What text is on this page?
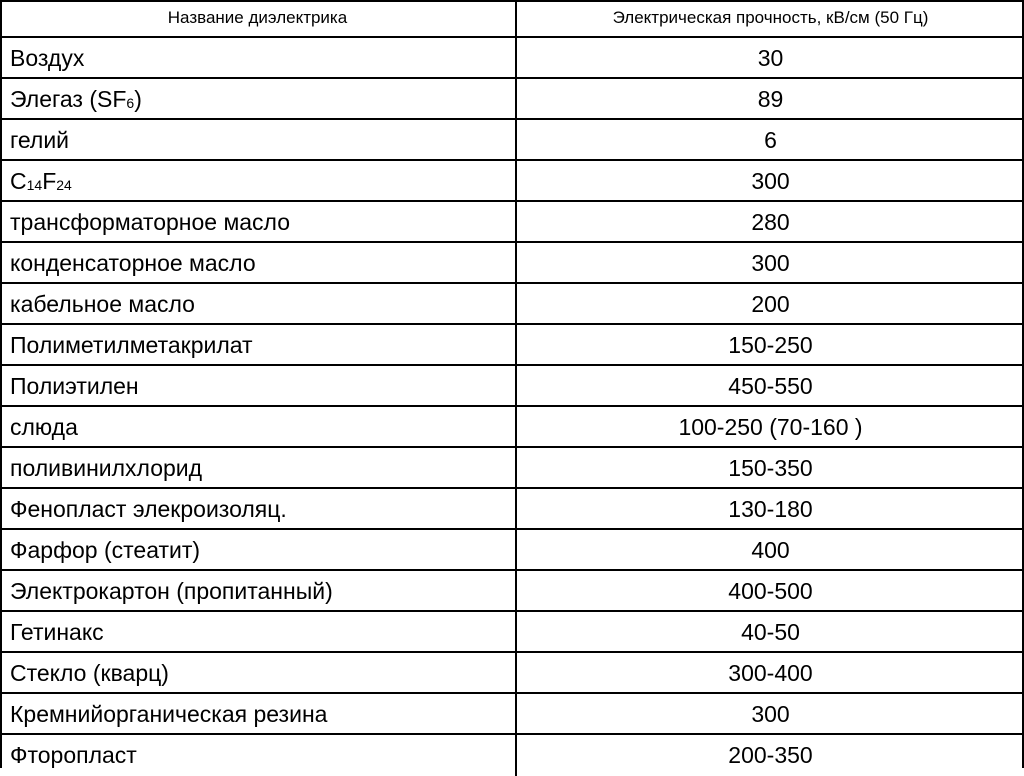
Название диэлектрика	Электрическая прочность, кВ/см (50 Гц)
Воздух	30
Элегаз (SF 6 )	89
гелий	6
C 14 F 24	300
трансформаторное масло	280
конденсаторное масло	300
кабельное масло	200
Полиметилметакрилат	150-250
Полиэтилен	450-550
слюда	100-250 (70-160 )
поливинилхлорид	150-350
Фенопласт элекроизоляц.	130-180
Фарфор (стеатит)	400
Электрокартон (пропитанный)	400-500
Гетинакс	40-50
Стекло (кварц)	300-400
Кремнийорганическая резина	300
Фторопласт	200-350
